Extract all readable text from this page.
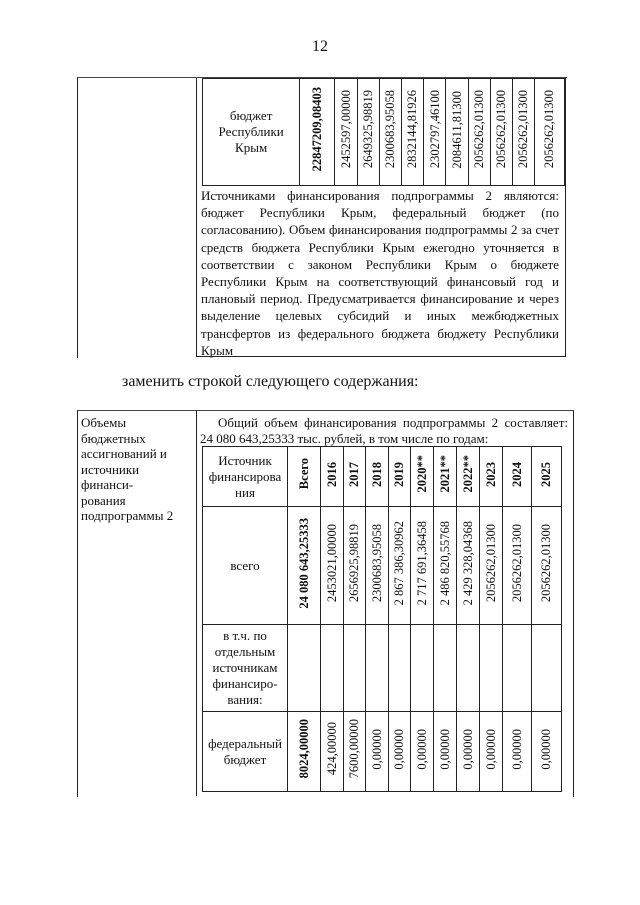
12
бюджет
Республики
Крым	22847209,08403	2452597,00000	2649325,98819	2300683,95058	2832144,81926	2302797,46100	2084611,81300	2056262,01300	2056262,01300	2056262,01300	2056262,01300
Источниками финансирования подпрограммы 2 являются: бюджет Республики Крым, федеральный бюджет (по согласованию). Объем финансирования подпрограммы 2 за счет средств бюджета Республики Крым ежегодно уточняется в соответствии с законом Республики Крым о бюджете Республики Крым на соответствующий финансовый год и плановый период. Предусматривается финансирование и через выделение целевых субсидий и иных межбюджетных трансфертов из федерального бюджета бюджету Республики Крым
заменить строкой следующего содержания:
Объемы бюджетных
ассигнований и
источники финанси-
рования
подпрограммы 2
Общий объем финансирования подпрограммы 2 составляет: 24 080 643,25333 тыс. рублей, в том числе по годам:
Источник
финансирова
ния	Всего	2016	2017	2018	2019	2020**	2021**	2022**	2023	2024	2025
всего	24 080 643,25333	2453021,00000	2656925,98819	2300683,95058	2 867 386,30962	2 717 691,36458	2 486 820,55768	2 429 328,04368	2056262,01300	2056262,01300	2056262,01300

в т.ч. по
отдельным
источникам
финансиро-
вания:											

федеральный
бюджет	8024,00000	424,00000	7600,00000	0,00000	0,00000	0,00000	0,00000	0,00000	0,00000	0,00000	0,00000
